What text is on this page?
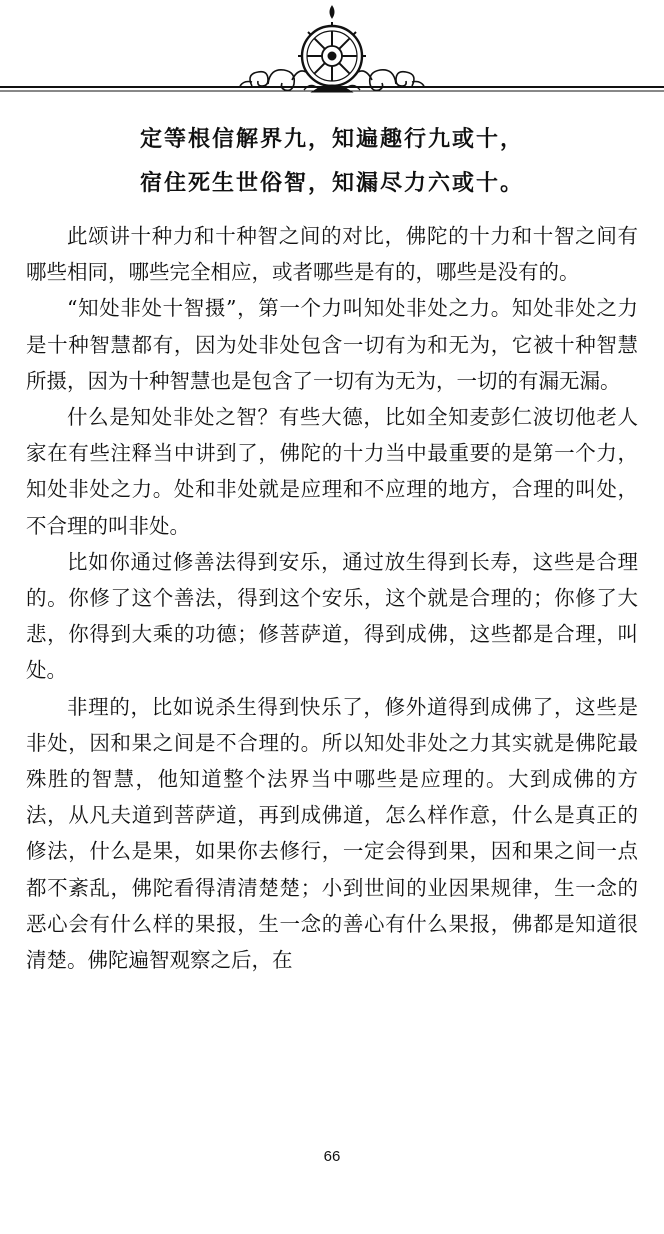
定等根信解界九，知遍趣行九或十，
宿住死生世俗智，知漏尽力六或十。

此颂讲十种力和十种智之间的对比，佛陀的十力和十智之间有哪些相同，哪些完全相应，或者哪些是有的，哪些是没有的。

“知处非处十智摄”，第一个力叫知处非处之力。知处非处之力是十种智慧都有，因为处非处包含一切有为和无为，它被十种智慧所摄，因为十种智慧也是包含了一切有为无为，一切的有漏无漏。

什么是知处非处之智？有些大德，比如全知麦彭仁波切他老人家在有些注释当中讲到了，佛陀的十力当中最重要的是第一个力，知处非处之力。处和非处就是应理和不应理的地方，合理的叫处，不合理的叫非处。

比如你通过修善法得到安乐，通过放生得到长寿，这些是合理的。你修了这个善法，得到这个安乐，这个就是合理的；你修了大悲，你得到大乘的功德；修菩萨道，得到成佛，这些都是合理，叫处。

非理的，比如说杀生得到快乐了，修外道得到成佛了，这些是非处，因和果之间是不合理的。所以知处非处之力其实就是佛陀最殊胜的智慧，他知道整个法界当中哪些是应理的。大到成佛的方法，从凡夫道到菩萨道，再到成佛道，怎么样作意，什么是真正的修法，什么是果，如果你去修行，一定会得到果，因和果之间一点都不紊乱，佛陀看得清清楚楚；小到世间的业因果规律，生一念的恶心会有什么样的果报，生一念的善心有什么果报，佛都是知道很清楚。佛陀遍智观察之后，在

66
